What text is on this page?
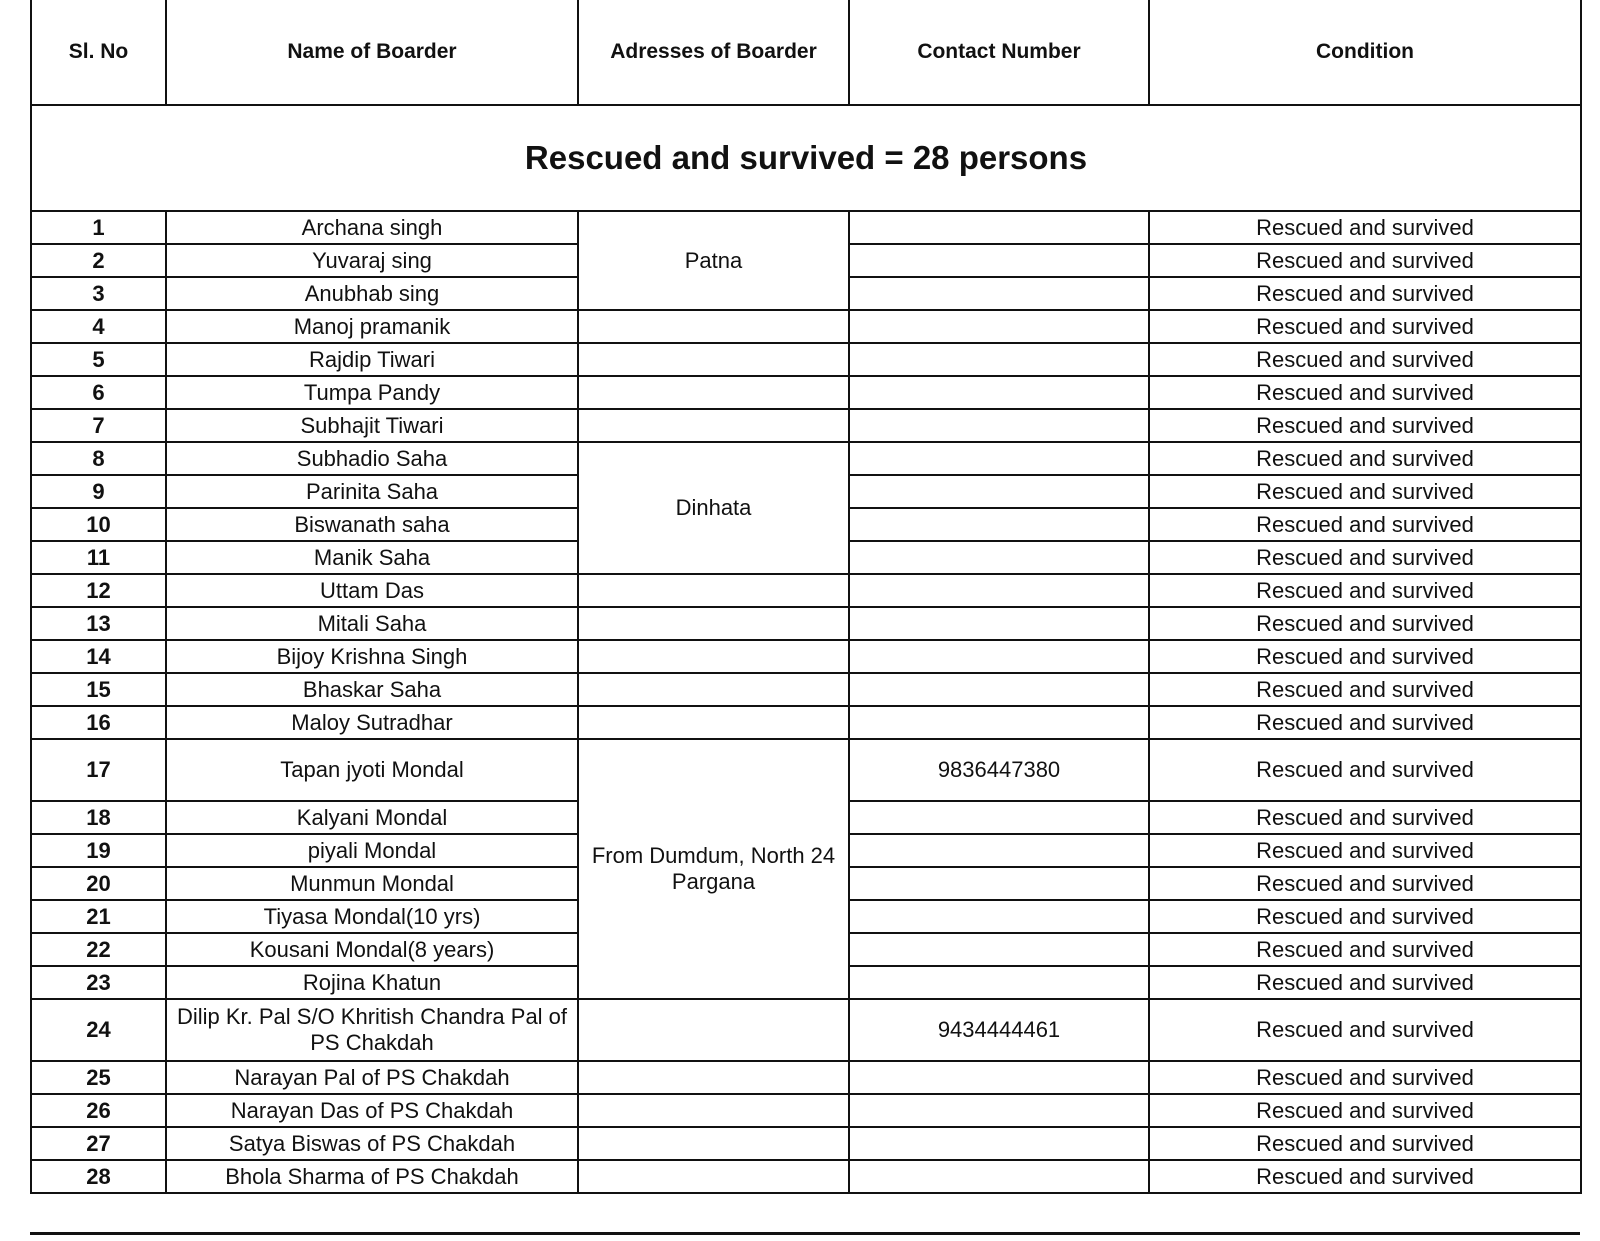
Sl. No	Name of Boarder	Adresses of Boarder	Contact Number	Condition
Rescued and survived = 28 persons				
1	Archana singh	Patna		Rescued and survived
2	Yuvaraj sing			Rescued and survived
3	Anubhab sing			Rescued and survived
4	Manoj pramanik			Rescued and survived
5	Rajdip Tiwari			Rescued and survived
6	Tumpa Pandy			Rescued and survived
7	Subhajit Tiwari			Rescued and survived
8	Subhadio Saha	Dinhata		Rescued and survived
9	Parinita Saha			Rescued and survived
10	Biswanath saha			Rescued and survived
11	Manik Saha			Rescued and survived
12	Uttam Das			Rescued and survived
13	Mitali Saha			Rescued and survived
14	Bijoy Krishna Singh			Rescued and survived
15	Bhaskar Saha			Rescued and survived
16	Maloy Sutradhar			Rescued and survived
17	Tapan jyoti Mondal	From Dumdum, North 24 Pargana	9836447380	Rescued and survived
18	Kalyani Mondal			Rescued and survived
19	piyali Mondal			Rescued and survived
20	Munmun Mondal			Rescued and survived
21	Tiyasa Mondal(10 yrs)			Rescued and survived
22	Kousani Mondal(8 years)			Rescued and survived
23	Rojina Khatun			Rescued and survived
24	Dilip Kr. Pal S/O Khritish Chandra Pal of PS Chakdah		9434444461	Rescued and survived
25	Narayan Pal of PS Chakdah			Rescued and survived
26	Narayan Das of PS Chakdah			Rescued and survived
27	Satya Biswas of PS Chakdah			Rescued and survived
28	Bhola Sharma of PS Chakdah			Rescued and survived
